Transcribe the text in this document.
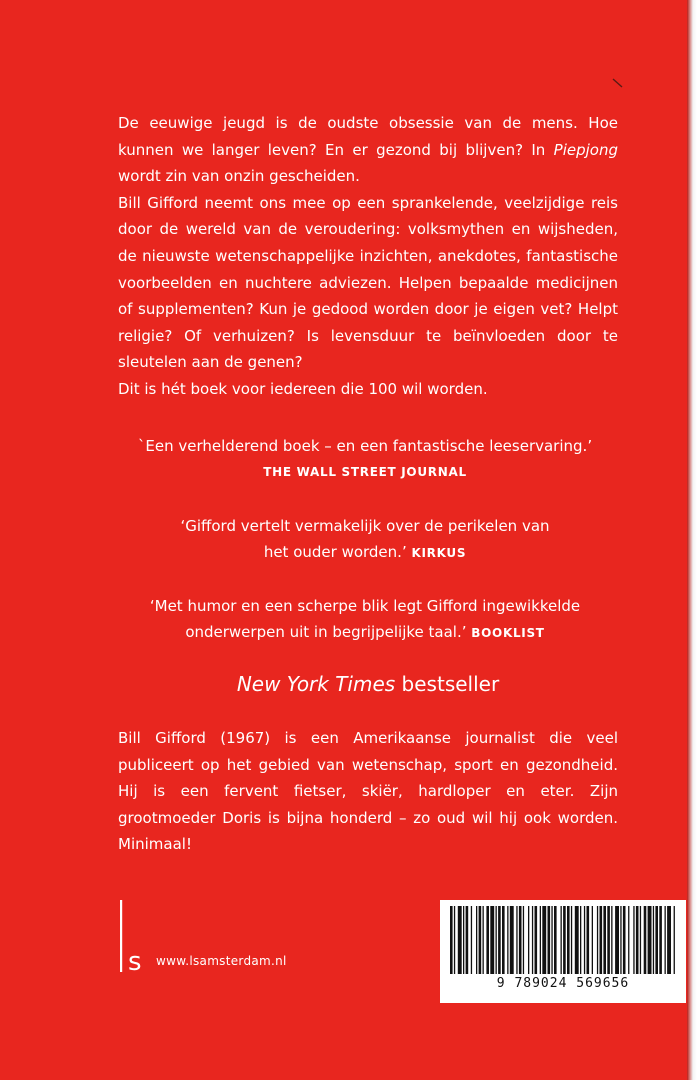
De eeuwige jeugd is de oudste obsessie van de mens. Hoe kunnen we langer leven? En er gezond bij blijven? In Piepjong wordt zin van onzin gescheiden.

Bill Gifford neemt ons mee op een sprankelende, veelzijdige reis door de wereld van de veroudering: volksmythen en wijsheden, de nieuwste wetenschappelijke inzichten, anekdotes, fantastische voorbeelden en nuchtere adviezen. Helpen bepaalde medicijnen of supplementen? Kun je gedood worden door je eigen vet? Helpt religie? Of verhuizen? Is levensduur te beïnvloeden door te sleutelen aan de genen?

Dit is hét boek voor iedereen die 100 wil worden.

`Een verhelderend boek – en een fantastische leeservaring.’
THE WALL STREET JOURNAL
‘Gifford vertelt vermakelijk over de perikelen van
het ouder worden.’ KIRKUS
‘Met humor en een scherpe blik legt Gifford ingewikkelde
onderwerpen uit in begrijpelijke taal.’ BOOKLIST
New York Times bestseller
Bill Gifford (1967) is een Amerikaanse journalist die veel publiceert op het gebied van wetenschap, sport en gezondheid. Hij is een fervent fietser, skiër, hardloper en eter. Zijn grootmoeder Doris is bijna honderd – zo oud wil hij ook worden. Minimaal!
s www.lsamsterdam.nl
9 789024 569656
